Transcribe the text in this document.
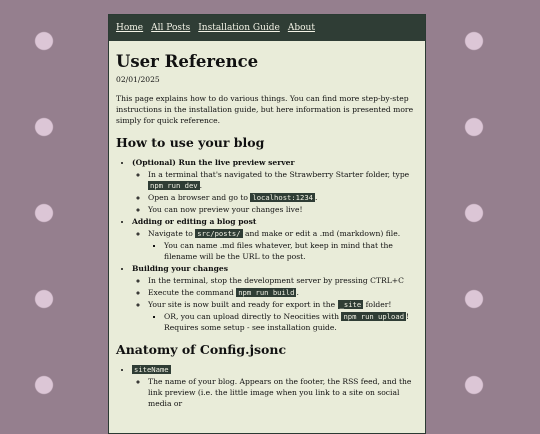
Home All Posts Installation Guide About
User Reference
02/01/2025

This page explains how to do various things. You can find more step-by-step instructions in the installation guide, but here information is presented more simply for quick reference.

How to use your blog
• (Optional) Run the live preview server
◦ In a terminal that's navigated to the Strawberry Starter folder, type npm run dev .
◦ Open a browser and go to localhost:1234 .
◦ You can now preview your changes live!
• Adding or editing a blog post
◦ Navigate to src/posts/ and make or edit a .md (markdown) file.
▪ You can name .md files whatever, but keep in mind that the filename will be the URL to the post.
• Building your changes
◦ In the terminal, stop the development server by pressing CTRL+C
◦ Execute the command npm run build .
◦ Your site is now built and ready for export in the _site folder!
▪ OR, you can upload directly to Neocities with npm run upload ! Requires some setup - see installation guide.
Anatomy of Config.jsonc
• siteName
◦ The name of your blog. Appears on the footer, the RSS feed, and the link preview (i.e. the little image when you link to a site on social media or
